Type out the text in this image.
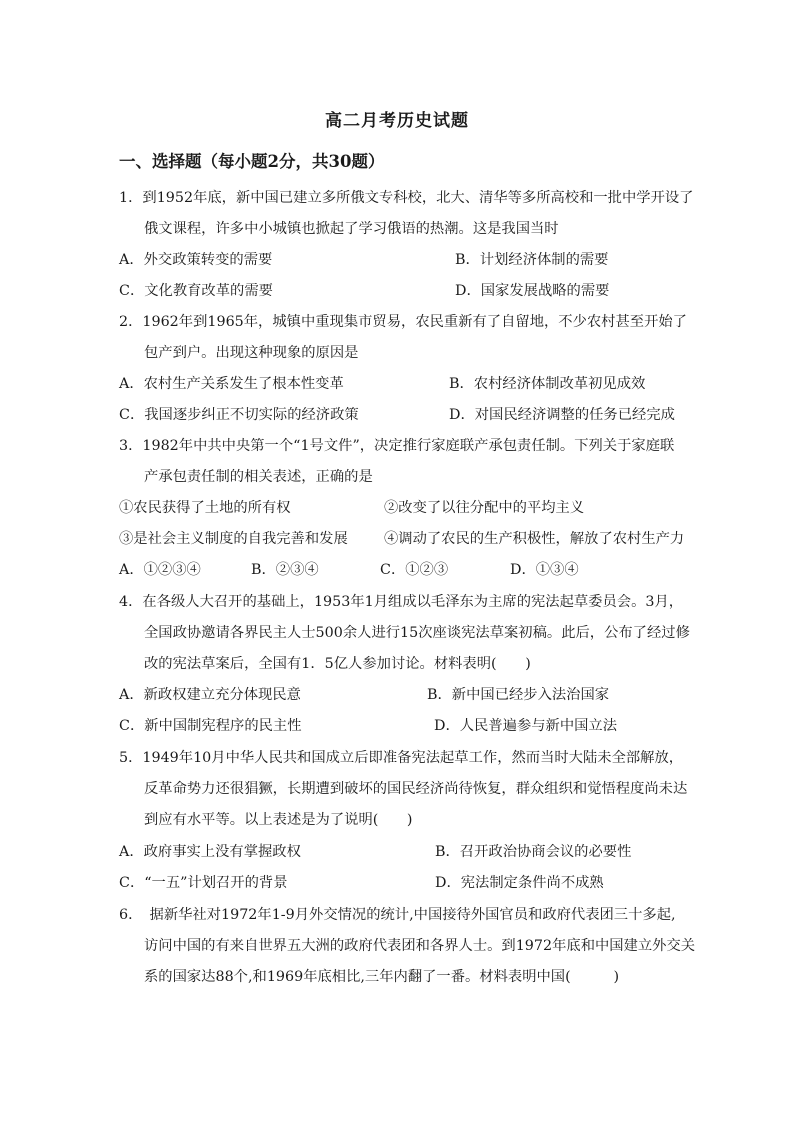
高二月考历史试题
一、选择题（每小题2分，共30题）
1．到1952年底，新中国已建立多所俄文专科校，北大、清华等多所高校和一批中学开设了
俄文课程，许多中小城镇也掀起了学习俄语的热潮。这是我国当时
A．外交政策转变的需要	B．计划经济体制的需要
C．文化教育改革的需要	D．国家发展战略的需要
2．1962年到1965年，城镇中重现集市贸易，农民重新有了自留地，不少农村甚至开始了
包产到户。出现这种现象的原因是
A．农村生产关系发生了根本性变革	B．农村经济体制改革初见成效
C．我国逐步纠正不切实际的经济政策	D．对国民经济调整的任务已经完成
3．1982年中共中央第一个“1号文件”，决定推行家庭联产承包责任制。下列关于家庭联
产承包责任制的相关表述，正确的是
①农民获得了土地的所有权	②改变了以往分配中的平均主义
③是社会主义制度的自我完善和发展	④调动了农民的生产积极性，解放了农村生产力
A．①②③④	B．②③④	C．①②③	D．①③④
4．在各级人大召开的基础上，1953年1月组成以毛泽东为主席的宪法起草委员会。3月，
全国政协邀请各界民主人士500余人进行15次座谈宪法草案初稿。此后，公布了经过修
改的宪法草案后，全国有1．5亿人参加讨论。材料表明(　　)
A．新政权建立充分体现民意	B．新中国已经步入法治国家
C．新中国制宪程序的民主性	D．人民普遍参与新中国立法
5．1949年10月中华人民共和国成立后即准备宪法起草工作，然而当时大陆未全部解放，
反革命势力还很猖獗，长期遭到破坏的国民经济尚待恢复，群众组织和觉悟程度尚未达
到应有水平等。以上表述是为了说明(　　)
A．政府事实上没有掌握政权	B．召开政治协商会议的必要性
C．“一五”计划召开的背景	D．宪法制定条件尚不成熟
6．　据新华社对1972年1-9月外交情况的统计,中国接待外国官员和政府代表团三十多起,
访问中国的有来自世界五大洲的政府代表团和各界人士。到1972年底和中国建立外交关
系的国家达88个,和1969年底相比,三年内翻了一番。材料表明中国(　　　)
